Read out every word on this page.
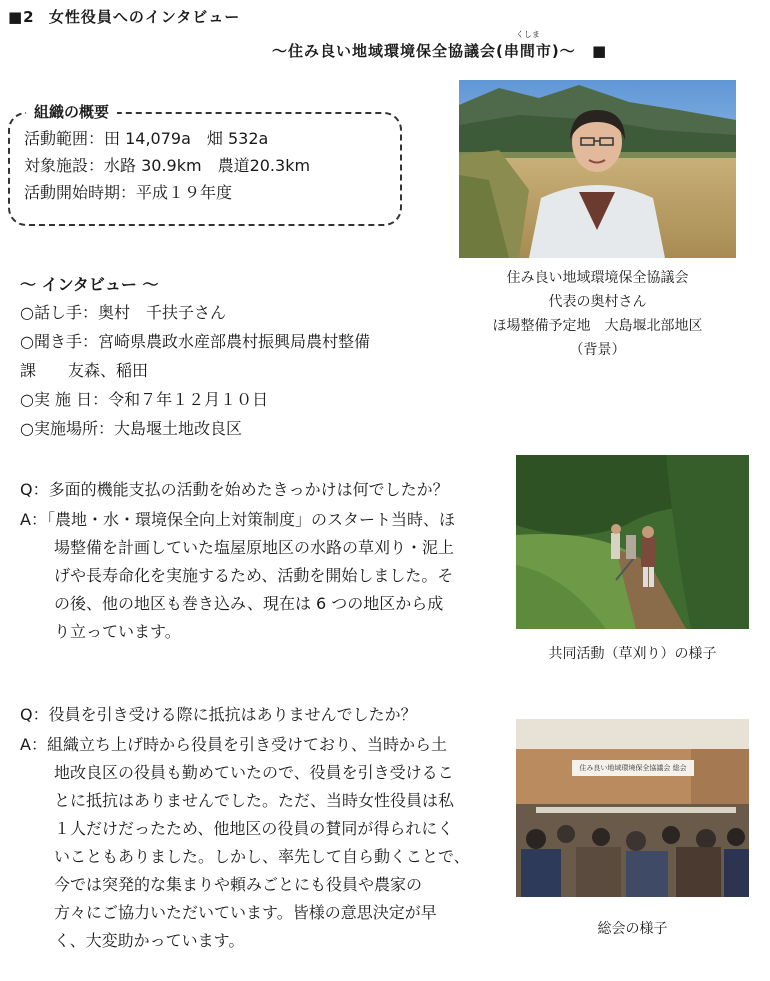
■2 女性役員へのインタビュー
～住み良い地域環境保全協議会(
くしま
串間市)～ ■
組織の概要
活動範囲：田 14,079a　畑 532a
対象施設：水路 30.9km　農道20.3km
活動開始時期：平成１９年度
住み良い地域環境保全協議会
代表の奥村さん
ほ場整備予定地　大島堰北部地区
（背景）
～ インタビュー ～
○話し手：奥村　千扶子さん
○聞き手：宮崎県農政水産部農村振興局農村整備
課　　友森、稲田
○実 施 日：令和７年１２月１０日
○実施場所：大島堰土地改良区
Q：多面的機能支払の活動を始めたきっかけは何でしたか？
A：「農地・水・環境保全向上対策制度」のスタート当時、ほ
場整備を計画していた塩屋原地区の水路の草刈り・泥上
げや長寿命化を実施するため、活動を開始しました。そ
の後、他の地区も巻き込み、現在は 6 つの地区から成
り立っています。
共同活動（草刈り）の様子
Q：役員を引き受ける際に抵抗はありませんでしたか？
A：組織立ち上げ時から役員を引き受けており、当時から土
地改良区の役員も勤めていたので、役員を引き受けるこ
とに抵抗はありませんでした。ただ、当時女性役員は私
１人だけだったため、他地区の役員の賛同が得られにく
いこともありました。しかし、率先して自ら動くことで、
今では突発的な集まりや頼みごとにも役員や農家の
方々にご協力いただいています。皆様の意思決定が早
く、大変助かっています。
住み良い地域環境保全協議会 総会
総会の様子
